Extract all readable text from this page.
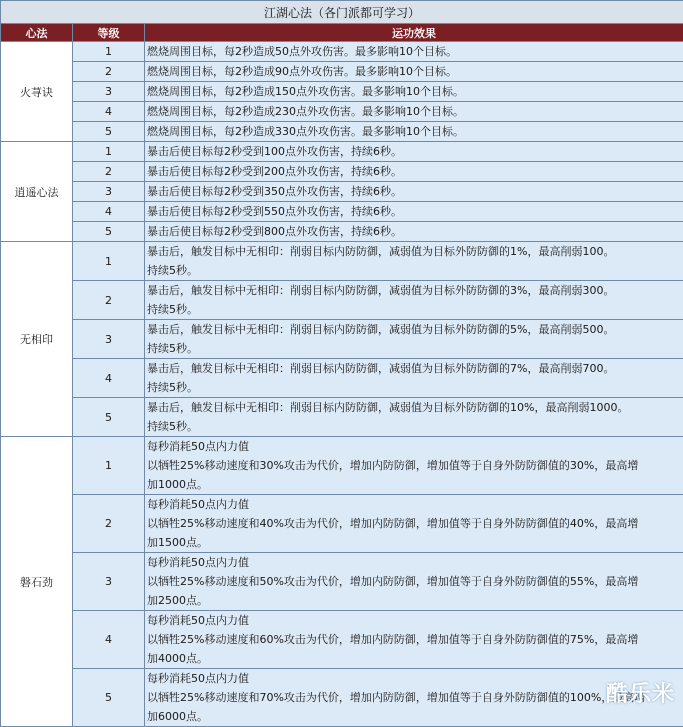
江湖心法（各门派都可学习）		
心法	等级	运功效果
火荨诀	1	燃烧周围目标，每2秒造成50点外攻伤害。最多影响10个目标。
	2	燃烧周围目标，每2秒造成90点外攻伤害。最多影响10个目标。
	3	燃烧周围目标，每2秒造成150点外攻伤害。最多影响10个目标。
	4	燃烧周围目标，每2秒造成230点外攻伤害。最多影响10个目标。
	5	燃烧周围目标，每2秒造成330点外攻伤害。最多影响10个目标。
逍遥心法	1	暴击后使目标每2秒受到100点外攻伤害，持续6秒。
	2	暴击后使目标每2秒受到200点外攻伤害，持续6秒。
	3	暴击后使目标每2秒受到350点外攻伤害，持续6秒。
	4	暴击后使目标每2秒受到550点外攻伤害，持续6秒。
	5	暴击后使目标每2秒受到800点外攻伤害，持续6秒。
无相印	1	暴击后，触发目标中无相印：削弱目标内防防御，减弱值为目标外防防御的1%，最高削弱100。
持续5秒。
	2	暴击后，触发目标中无相印：削弱目标内防防御，减弱值为目标外防防御的3%，最高削弱300。
持续5秒。
	3	暴击后，触发目标中无相印：削弱目标内防防御，减弱值为目标外防防御的5%，最高削弱500。
持续5秒。
	4	暴击后，触发目标中无相印：削弱目标内防防御，减弱值为目标外防防御的7%，最高削弱700。
持续5秒。
	5	暴击后，触发目标中无相印：削弱目标内防防御，减弱值为目标外防防御的10%，最高削弱1000。
持续5秒。
磐石劲	1	每秒消耗50点内力值
以牺牲25%移动速度和30%攻击为代价，增加内防防御，增加值等于自身外防防御值的30%，最高增
加1000点。
	2	每秒消耗50点内力值
以牺牲25%移动速度和40%攻击为代价，增加内防防御，增加值等于自身外防防御值的40%，最高增
加1500点。
	3	每秒消耗50点内力值
以牺牲25%移动速度和50%攻击为代价，增加内防防御，增加值等于自身外防防御值的55%，最高增
加2500点。
	4	每秒消耗50点内力值
以牺牲25%移动速度和60%攻击为代价，增加内防防御，增加值等于自身外防防御值的75%，最高增
加4000点。
	5	每秒消耗50点内力值
以牺牲25%移动速度和70%攻击为代价，增加内防防御，增加值等于自身外防防御值的100%，最高增
加6000点。
酷乐米
